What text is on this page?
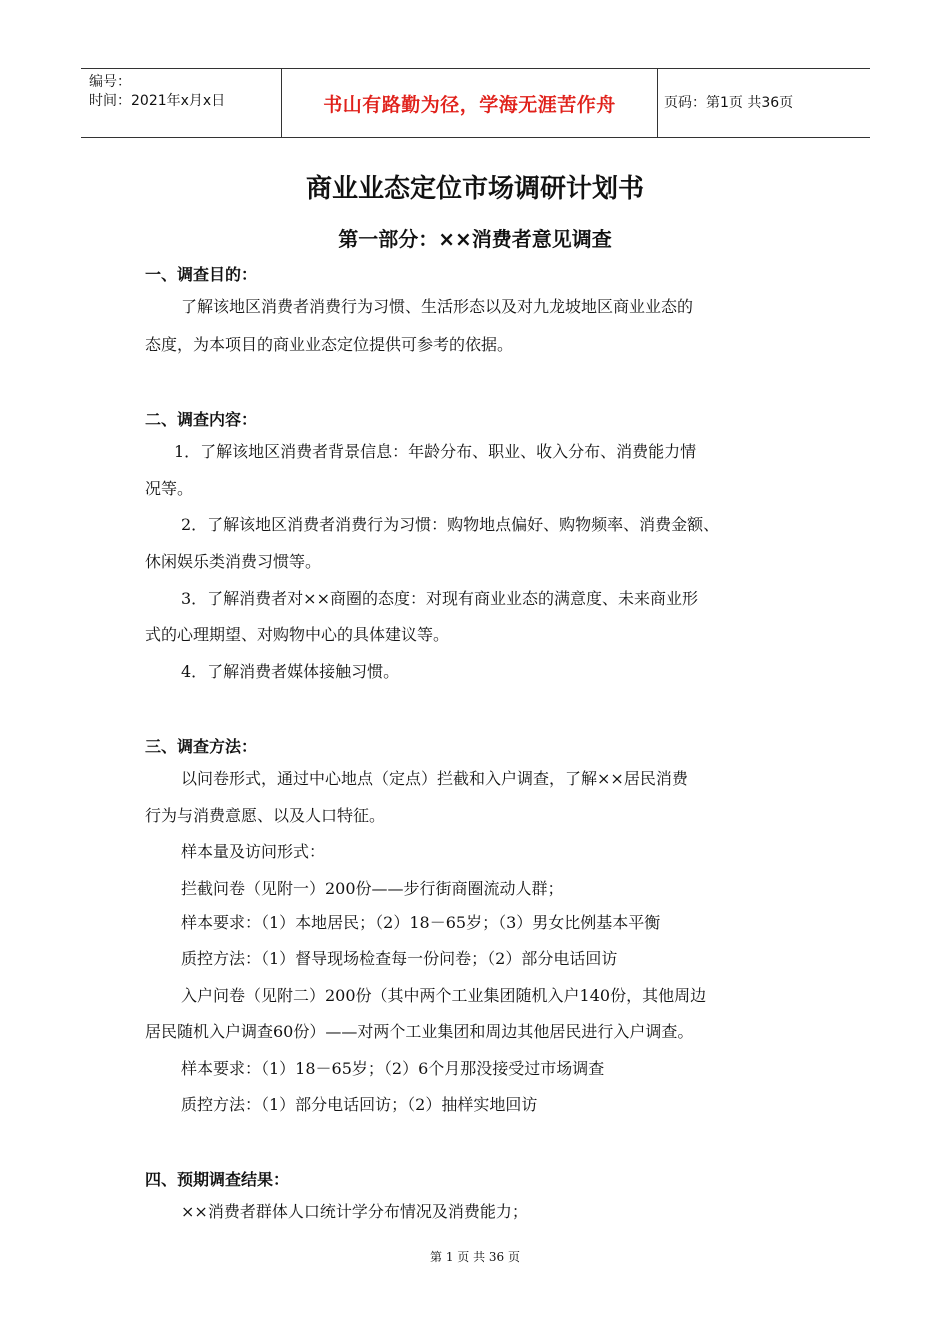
编号：
时间：2021年x月x日	书山有路勤为径，学海无涯苦作舟	页码：第1页 共36页
商业业态定位市场调研计划书
第一部分：××消费者意见调查
一、调查目的：
了解该地区消费者消费行为习惯、生活形态以及对九龙坡地区商业业态的
态度，为本项目的商业业态定位提供可参考的依据。
二、调查内容：
1．了解该地区消费者背景信息：年龄分布、职业、收入分布、消费能力情
况等。
2．了解该地区消费者消费行为习惯：购物地点偏好、购物频率、消费金额、
休闲娱乐类消费习惯等。
3．了解消费者对××商圈的态度：对现有商业业态的满意度、未来商业形
式的心理期望、对购物中心的具体建议等。
4．了解消费者媒体接触习惯。
三、调查方法：
以问卷形式，通过中心地点（定点）拦截和入户调查，了解××居民消费
行为与消费意愿、以及人口特征。
样本量及访问形式：
拦截问卷（见附一）200份——步行街商圈流动人群；
样本要求：（1）本地居民；（2）18－65岁；（3）男女比例基本平衡
质控方法：（1）督导现场检查每一份问卷；（2）部分电话回访
入户问卷（见附二）200份（其中两个工业集团随机入户140份，其他周边
居民随机入户调查60份）——对两个工业集团和周边其他居民进行入户调查。
样本要求：（1）18－65岁；（2）6个月那没接受过市场调查
质控方法：（1）部分电话回访；（2）抽样实地回访
四、预期调查结果：
××消费者群体人口统计学分布情况及消费能力；
第 1 页 共 36 页
